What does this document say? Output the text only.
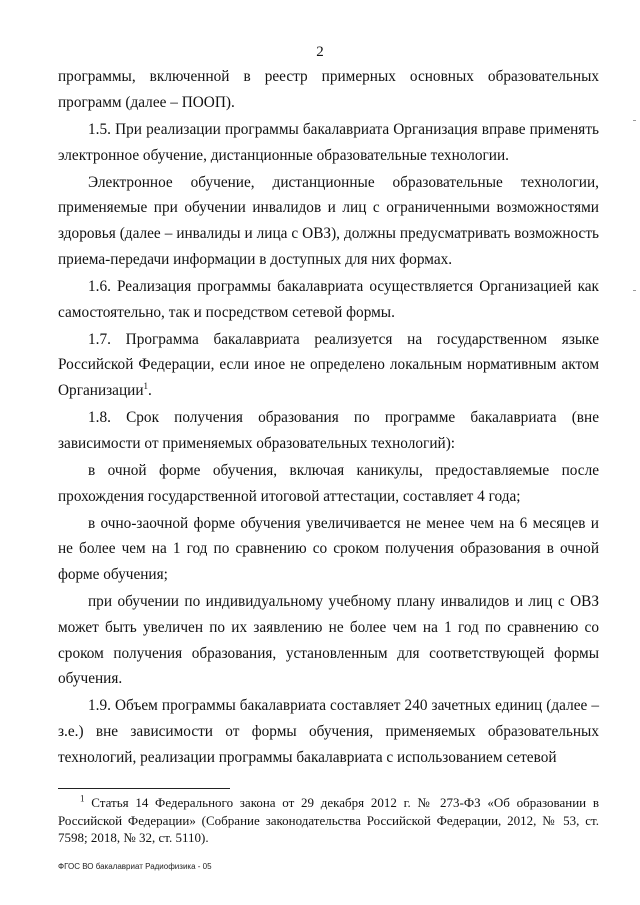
2

программы, включенной в реестр примерных основных образовательных программ (далее – ПООП).

1.5. При реализации программы бакалавриата Организация вправе применять электронное обучение, дистанционные образовательные технологии.

Электронное обучение, дистанционные образовательные технологии, применяемые при обучении инвалидов и лиц с ограниченными возможностями здоровья (далее – инвалиды и лица с ОВЗ), должны предусматривать возможность приема-передачи информации в доступных для них формах.

1.6. Реализация программы бакалавриата осуществляется Организацией как самостоятельно, так и посредством сетевой формы.

1.7. Программа бакалавриата реализуется на государственном языке Российской Федерации, если иное не определено локальным нормативным актом Организации$^1$.

1.8. Срок получения образования по программе бакалавриата (вне зависимости от применяемых образовательных технологий):

в очной форме обучения, включая каникулы, предоставляемые после прохождения государственной итоговой аттестации, составляет 4 года;

в очно-заочной форме обучения увеличивается не менее чем на 6 месяцев и не более чем на 1 год по сравнению со сроком получения образования в очной форме обучения;

при обучении по индивидуальному учебному плану инвалидов и лиц с ОВЗ может быть увеличен по их заявлению не более чем на 1 год по сравнению со сроком получения образования, установленным для соответствующей формы обучения.

1.9. Объем программы бакалавриата составляет 240 зачетных единиц (далее – з.е.) вне зависимости от формы обучения, применяемых образовательных технологий, реализации программы бакалавриата с использованием сетевой

$^1$ Статья 14 Федерального закона от 29 декабря 2012 г. № 273-ФЗ «Об образовании в Российской Федерации» (Собрание законодательства Российской Федерации, 2012, № 53, ст. 7598; 2018, № 32, ст. 5110).
ФГОС ВО бакалавриат Радиофизика - 05
